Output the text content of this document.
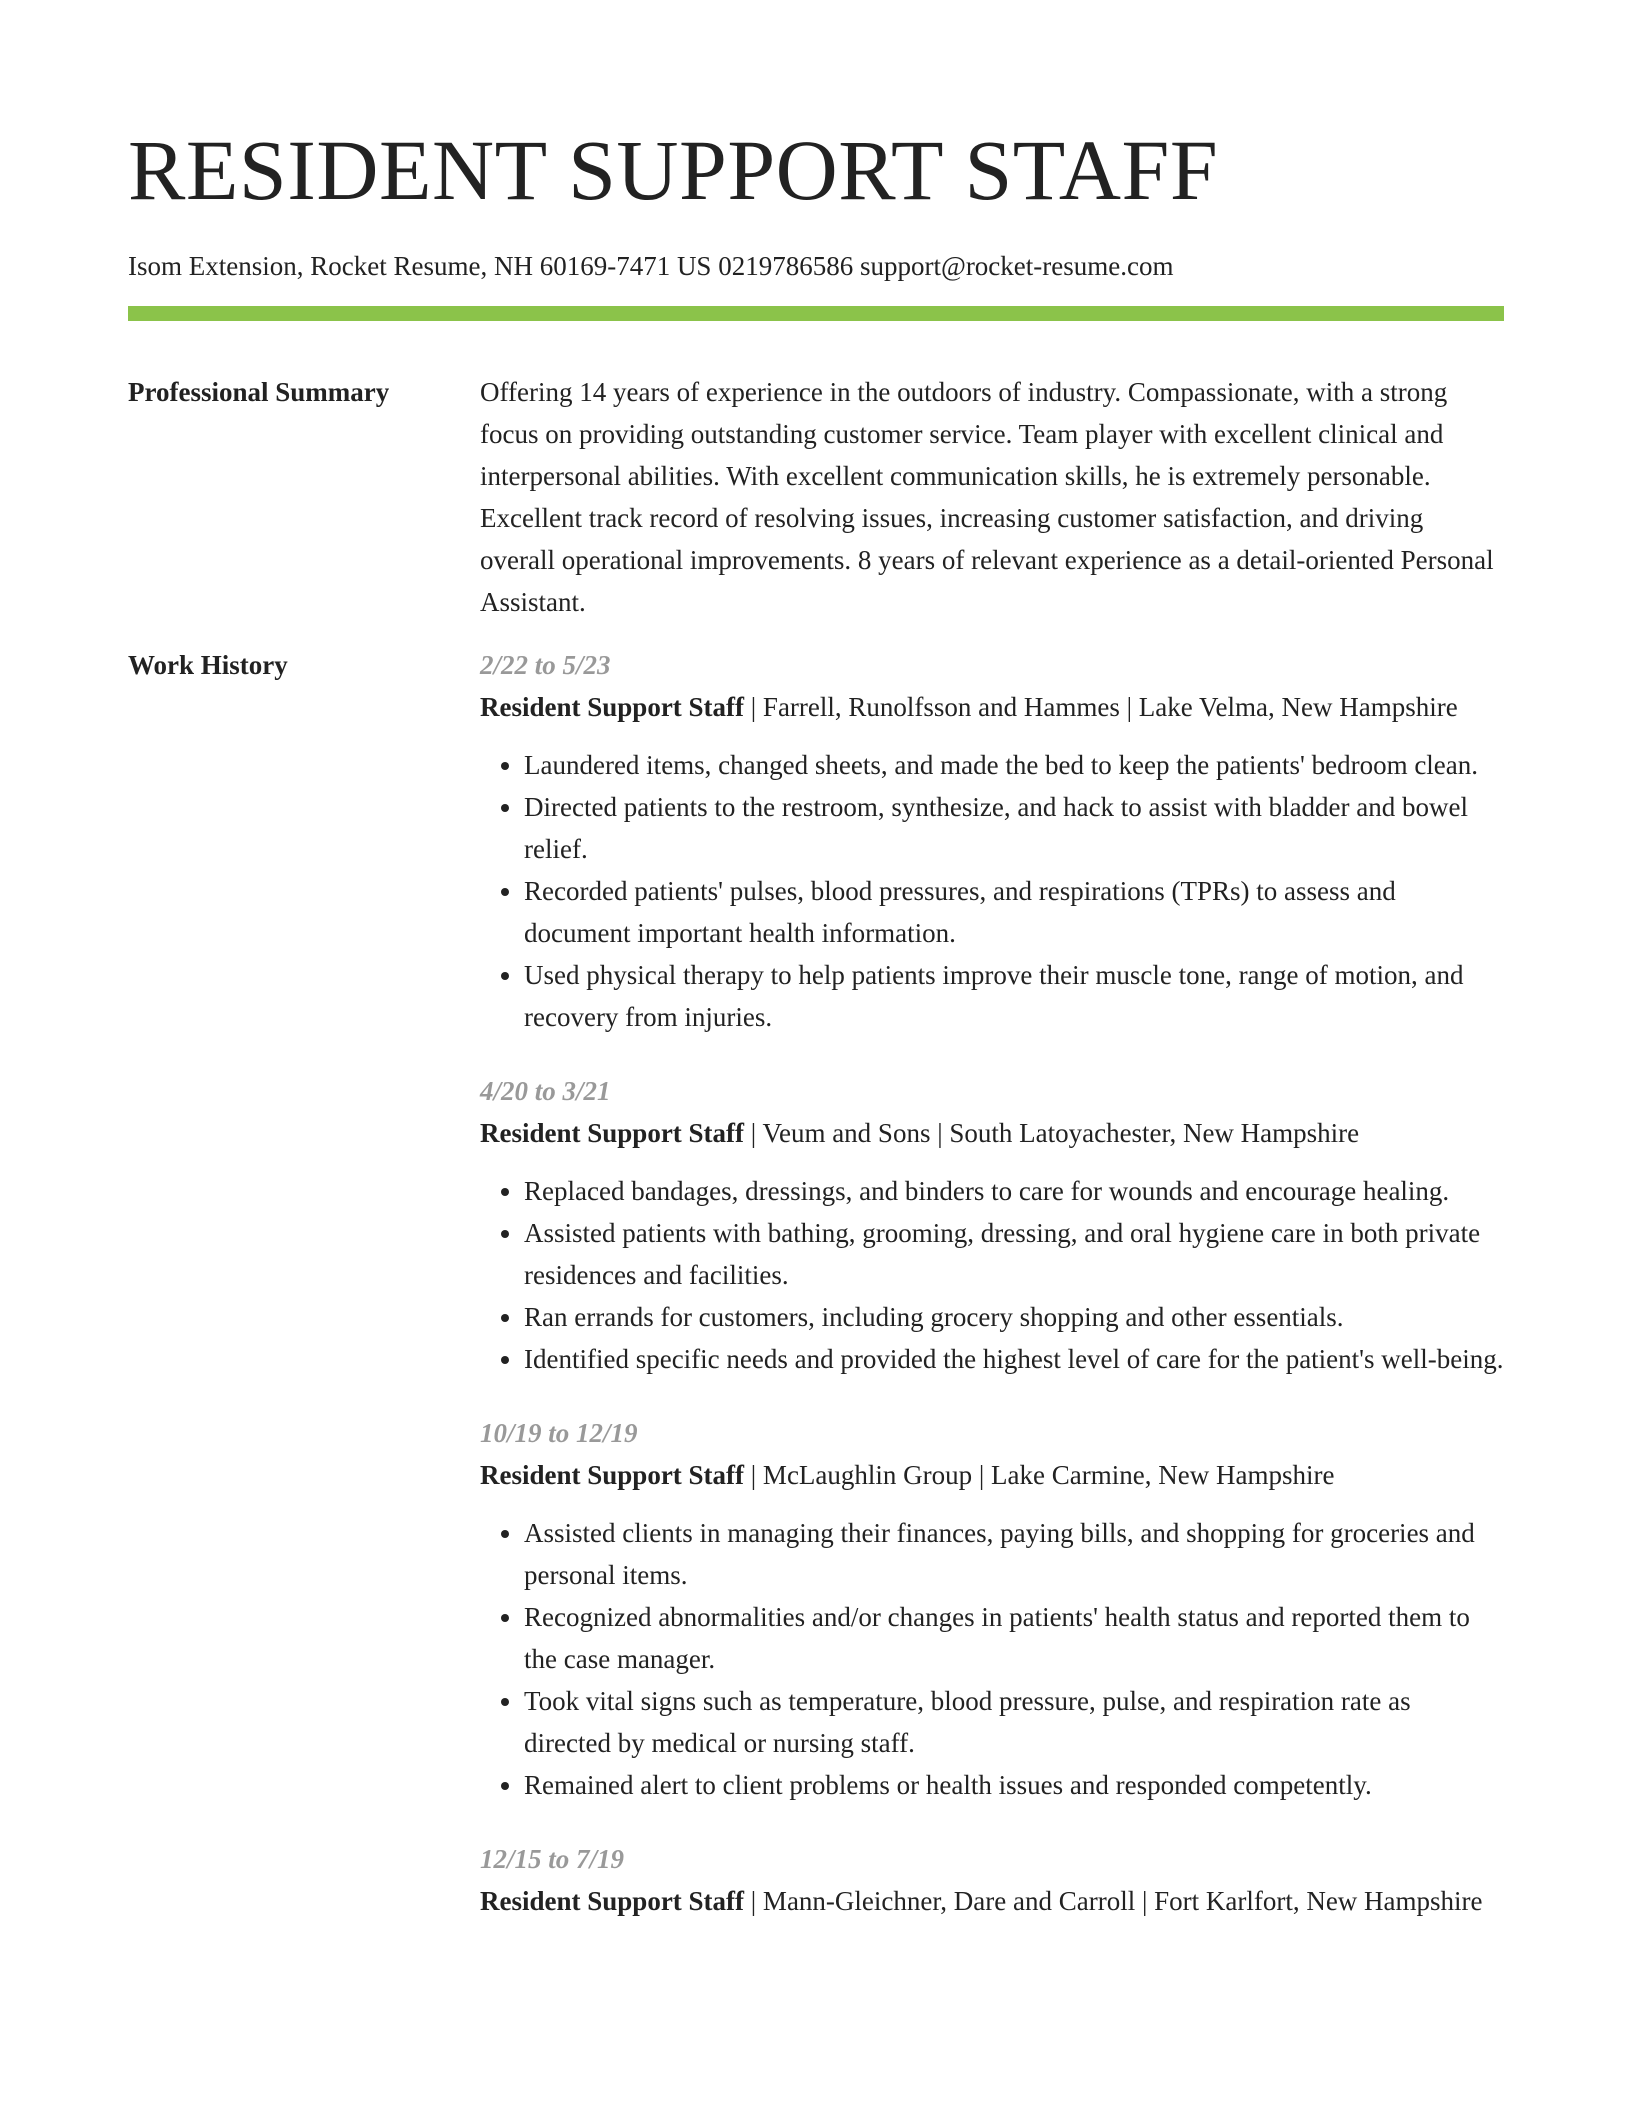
RESIDENT SUPPORT STAFF
Isom Extension, Rocket Resume, NH 60169-7471 US 0219786586 support@rocket-resume.com
Professional Summary	Offering 14 years of experience in the outdoors of industry. Compassionate, with a strong focus on providing outstanding customer service. Team player with excellent clinical and interpersonal abilities. With excellent communication skills, he is extremely personable. Excellent track record of resolving issues, increasing customer satisfaction, and driving overall operational improvements. 8 years of relevant experience as a detail-oriented Personal Assistant.
Work History	2/22 to 5/23
Resident Support Staff | Farrell, Runolfsson and Hammes | Lake Velma, New Hampshire
• Laundered items, changed sheets, and made the bed to keep the patients' bedroom clean.
• Directed patients to the restroom, synthesize, and hack to assist with bladder and bowel relief.
• Recorded patients' pulses, blood pressures, and respirations (TPRs) to assess and document important health information.
• Used physical therapy to help patients improve their muscle tone, range of motion, and recovery from injuries.
4/20 to 3/21
Resident Support Staff | Veum and Sons | South Latoyachester, New Hampshire
• Replaced bandages, dressings, and binders to care for wounds and encourage healing.
• Assisted patients with bathing, grooming, dressing, and oral hygiene care in both private residences and facilities.
• Ran errands for customers, including grocery shopping and other essentials.
• Identified specific needs and provided the highest level of care for the patient's well-being.
10/19 to 12/19
Resident Support Staff | McLaughlin Group | Lake Carmine, New Hampshire
• Assisted clients in managing their finances, paying bills, and shopping for groceries and personal items.
• Recognized abnormalities and/or changes in patients' health status and reported them to the case manager.
• Took vital signs such as temperature, blood pressure, pulse, and respiration rate as directed by medical or nursing staff.
• Remained alert to client problems or health issues and responded competently.
12/15 to 7/19
Resident Support Staff | Mann-Gleichner, Dare and Carroll | Fort Karlfort, New Hampshire
